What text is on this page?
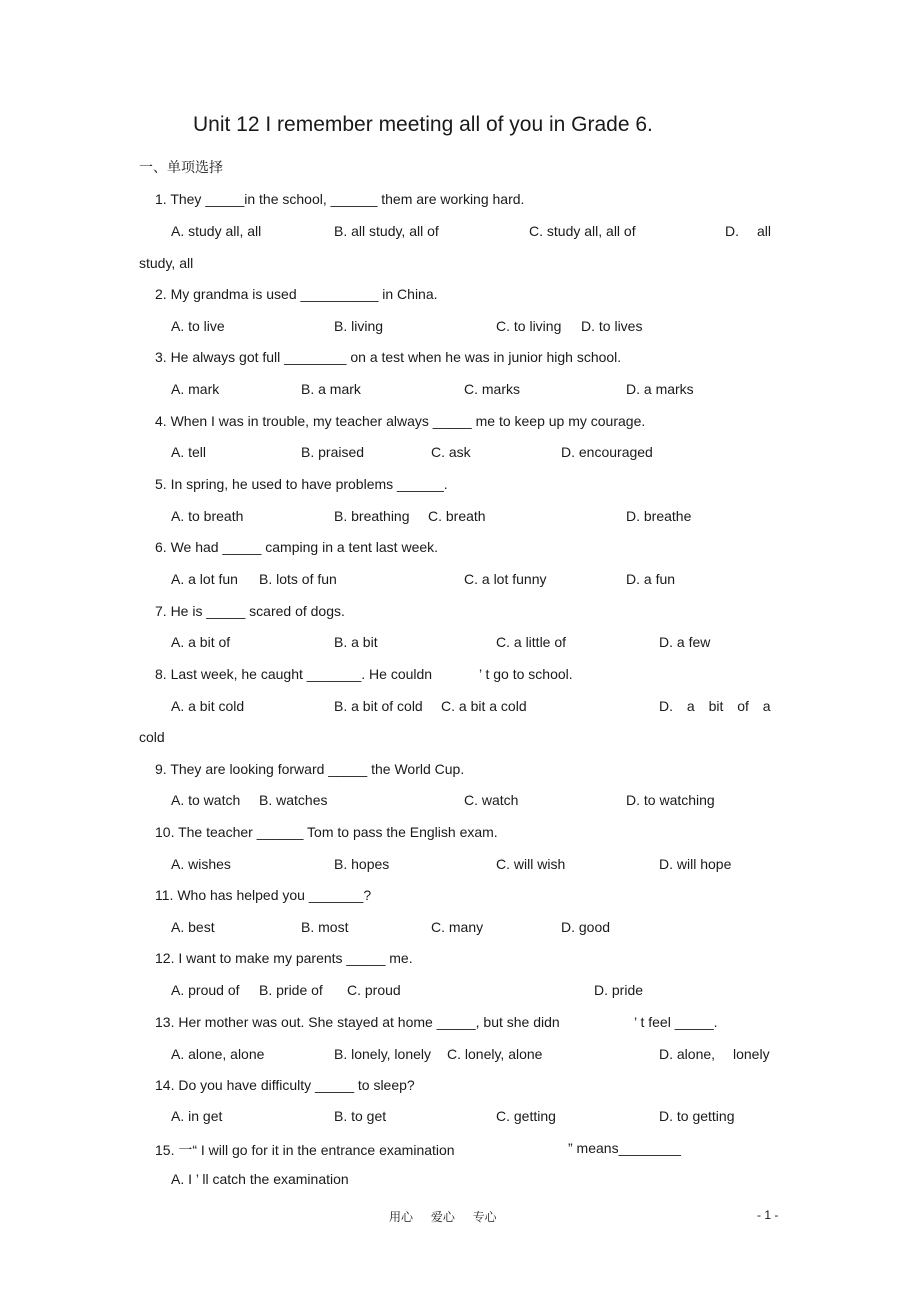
Unit 12 I remember meeting all of you in Grade 6.
一、单项选择
1. They _____in the school, ______ them are working hard.
A. study all, all	B. all study, all of	C. study all, all of	D. all
study, all
2. My grandma is used __________ in China.
A. to live	B. living	C. to living D. to lives
3. He always got full ________ on a test when he was in junior high school.
A. mark	B. a mark	C. marks	D. a marks
4. When I was in trouble, my teacher always _____ me to keep up my courage.
A. tell	B. praised	C. ask	D. encouraged
5. In spring, he used to have problems ______.
A. to breath	B. breathing C. breath	D. breathe
6. We had _____ camping in a tent last week.
A. a lot fun B. lots of fun	C. a lot funny	D. a fun
7. He is _____ scared of dogs.
A. a bit of	B. a bit	C. a little of	D. a few
8. Last week, he caught _______. He couldn	’ t go to school.
A. a bit cold	B. a bit of cold C. a bit a cold	D. a bit of a
cold
9. They are looking forward _____ the World Cup.
A. to watch B. watches	C. watch	D. to watching
10. The teacher ______ Tom to pass the English exam.
A. wishes	B. hopes	C. will wish	D. will hope
11. Who has helped you _______?
A. best	B. most	C. many	D. good
12. I want to make my parents _____ me.
A. proud of B. pride of C. proud	D. pride
13. Her mother was out. She stayed at home _____, but she didn	’ t feel _____.
A. alone, alone	B. lonely, lonely C. lonely, alone	D. alone, lonely
14. Do you have difficulty _____ to sleep?
A. in get	B. to get	C. getting	D. to getting
15. 一“ I will go for it in the entrance examination	” means________
A. I ’ ll catch the examination
用心 爱心 专心	- 1 -
